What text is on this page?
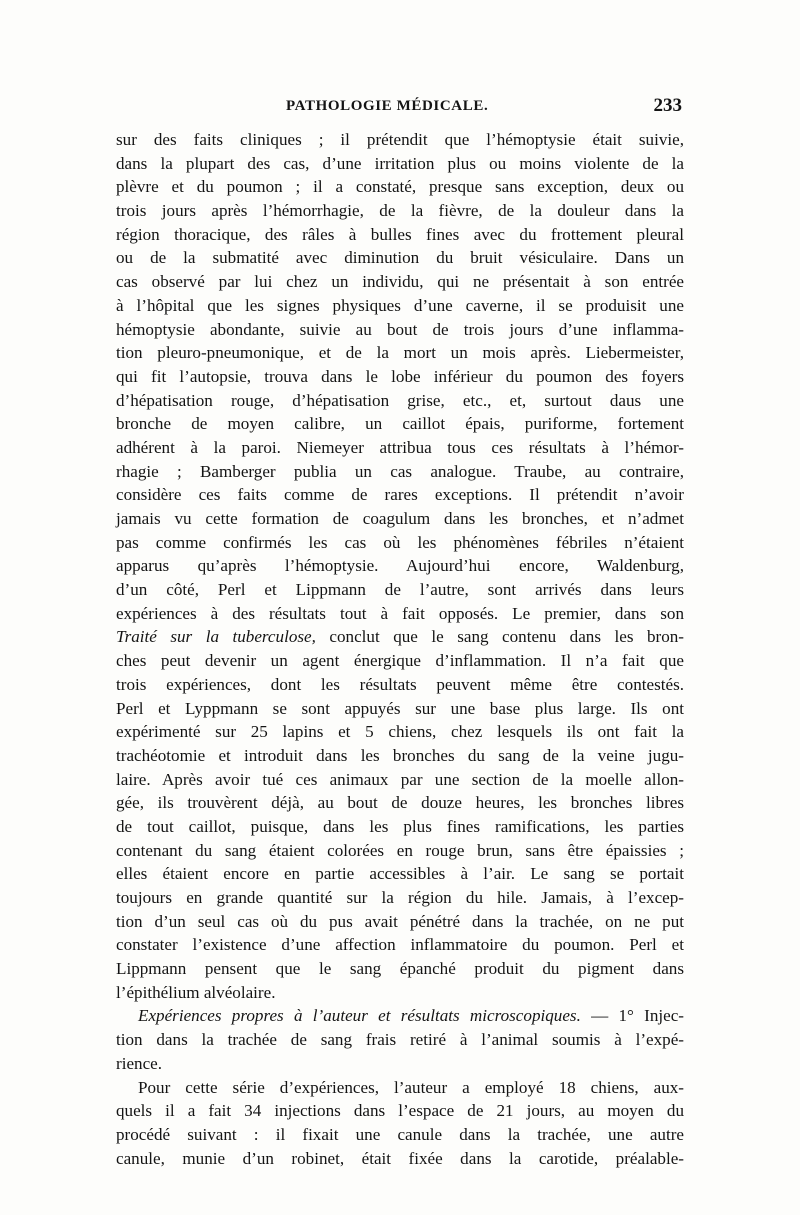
PATHOLOGIE MÉDICALE.	233
sur des faits cliniques ; il prétendit que l’hémoptysie était suivie,
dans la plupart des cas, d’une irritation plus ou moins violente de la
plèvre et du poumon ; il a constaté, presque sans exception, deux ou
trois jours après l’hémorrhagie, de la fièvre, de la douleur dans la
région thoracique, des râles à bulles fines avec du frottement pleural
ou de la submatité avec diminution du bruit vésiculaire. Dans un
cas observé par lui chez un individu, qui ne présentait à son entrée
à l’hôpital que les signes physiques d’une caverne, il se produisit une
hémoptysie abondante, suivie au bout de trois jours d’une inflamma-
tion pleuro-pneumonique, et de la mort un mois après. Liebermeister,
qui fit l’autopsie, trouva dans le lobe inférieur du poumon des foyers
d’hépatisation rouge, d’hépatisation grise, etc., et, surtout daus une
bronche de moyen calibre, un caillot épais, puriforme, fortement
adhérent à la paroi. Niemeyer attribua tous ces résultats à l’hémor-
rhagie ; Bamberger publia un cas analogue. Traube, au contraire,
considère ces faits comme de rares exceptions. Il prétendit n’avoir
jamais vu cette formation de coagulum dans les bronches, et n’admet
pas comme confirmés les cas où les phénomènes fébriles n’étaient
apparus qu’après l’hémoptysie. Aujourd’hui encore, Waldenburg,
d’un côté, Perl et Lippmann de l’autre, sont arrivés dans leurs
expériences à des résultats tout à fait opposés. Le premier, dans son
Traité sur la tuberculose, conclut que le sang contenu dans les bron-
ches peut devenir un agent énergique d’inflammation. Il n’a fait que
trois expériences, dont les résultats peuvent même être contestés.
Perl et Lyppmann se sont appuyés sur une base plus large. Ils ont
expérimenté sur 25 lapins et 5 chiens, chez lesquels ils ont fait la
trachéotomie et introduit dans les bronches du sang de la veine jugu-
laire. Après avoir tué ces animaux par une section de la moelle allon-
gée, ils trouvèrent déjà, au bout de douze heures, les bronches libres
de tout caillot, puisque, dans les plus fines ramifications, les parties
contenant du sang étaient colorées en rouge brun, sans être épaissies ;
elles étaient encore en partie accessibles à l’air. Le sang se portait
toujours en grande quantité sur la région du hile. Jamais, à l’excep-
tion d’un seul cas où du pus avait pénétré dans la trachée, on ne put
constater l’existence d’une affection inflammatoire du poumon. Perl et
Lippmann pensent que le sang épanché produit du pigment dans
l’épithélium alvéolaire.
Expériences propres à l’auteur et résultats microscopiques. — 1° Injec-
tion dans la trachée de sang frais retiré à l’animal soumis à l’expé-
rience.
Pour cette série d’expériences, l’auteur a employé 18 chiens, aux-
quels il a fait 34 injections dans l’espace de 21 jours, au moyen du
procédé suivant : il fixait une canule dans la trachée, une autre
canule, munie d’un robinet, était fixée dans la carotide, préalable-
